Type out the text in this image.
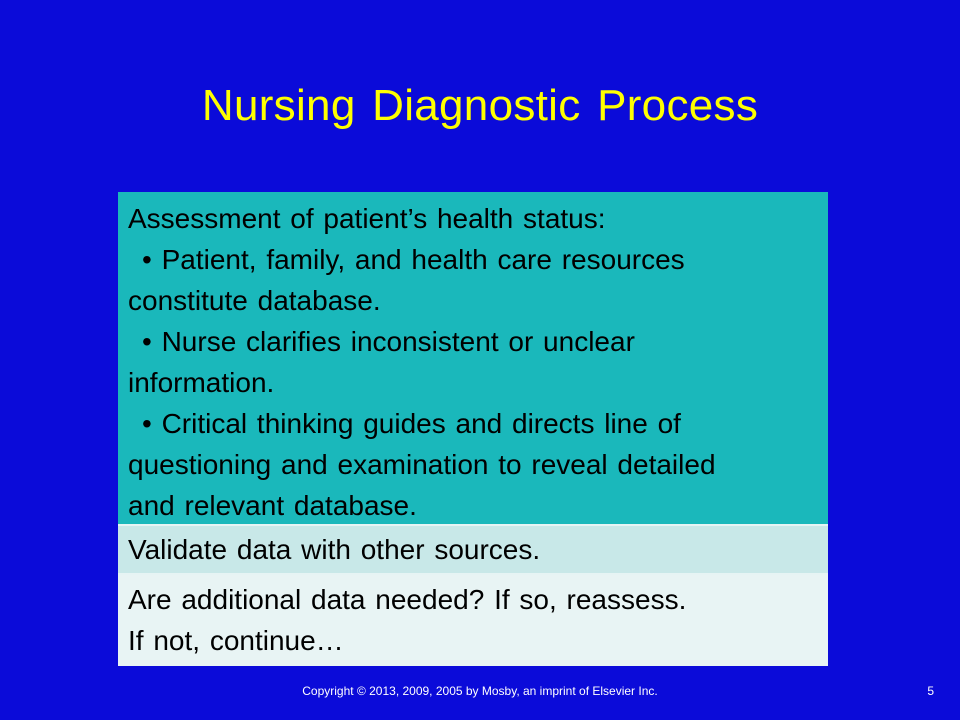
Nursing Diagnostic Process
Assessment of patient’s health status:
• Patient, family, and health care resources
constitute database.
• Nurse clarifies inconsistent or unclear
information.
• Critical thinking guides and directs line of
questioning and examination to reveal detailed
and relevant database.
Validate data with other sources.
Are additional data needed? If so, reassess.
If not, continue…
Copyright © 2013, 2009, 2005 by Mosby, an imprint of Elsevier Inc.	5
